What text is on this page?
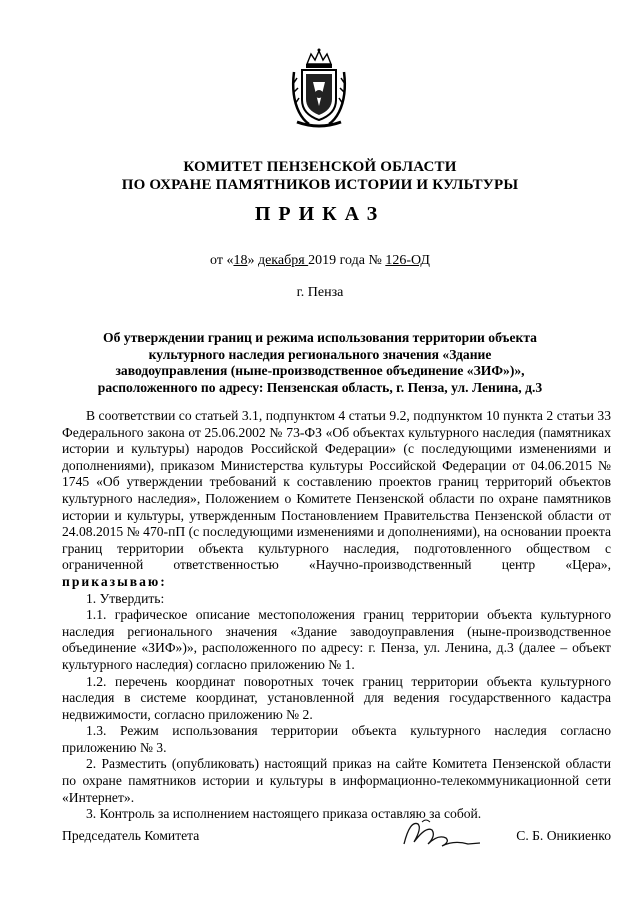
КОМИТЕТ ПЕНЗЕНСКОЙ ОБЛАСТИ
ПО ОХРАНЕ ПАМЯТНИКОВ ИСТОРИИ И КУЛЬТУРЫ
ПРИКАЗ
от «18» декабря 2019 года № 126-ОД
г. Пенза
Об утверждении границ и режима использования территории объекта культурного наследия регионального значения «Здание заводоуправления (ныне-производственное объединение «ЗИФ»)», расположенного по адресу: Пензенская область, г. Пенза, ул. Ленина, д.3

В соответствии со статьей 3.1, подпунктом 4 статьи 9.2, подпунктом 10 пункта 2 статьи 33 Федерального закона от 25.06.2002 № 73-ФЗ «Об объектах культурного наследия (памятниках истории и культуры) народов Российской Федерации» (с последующими изменениями и дополнениями), приказом Министерства культуры Российской Федерации от 04.06.2015 № 1745 «Об утверждении требований к составлению проектов границ территорий объектов культурного наследия», Положением о Комитете Пензенской области по охране памятников истории и культуры, утвержденным Постановлением Правительства Пензенской области от 24.08.2015 № 470-пП (с последующими изменениями и дополнениями), на основании проекта границ территории объекта культурного наследия, подготовленного обществом с ограниченной ответственностью «Научно-производственный центр «Цера», приказываю:

1. Утвердить:

1.1. графическое описание местоположения границ территории объекта культурного наследия регионального значения «Здание заводоуправления (ныне-производственное объединение «ЗИФ»)», расположенного по адресу: г. Пенза, ул. Ленина, д.3 (далее – объект культурного наследия) согласно приложению № 1.

1.2. перечень координат поворотных точек границ территории объекта культурного наследия в системе координат, установленной для ведения государственного кадастра недвижимости, согласно приложению № 2.

1.3. Режим использования территории объекта культурного наследия согласно приложению № 3.

2. Разместить (опубликовать) настоящий приказ на сайте Комитета Пензенской области по охране памятников истории и культуры в информационно-телекоммуникационной сети «Интернет».

3. Контроль за исполнением настоящего приказа оставляю за собой.

Председатель Комитета	С. Б. Оникиенко
